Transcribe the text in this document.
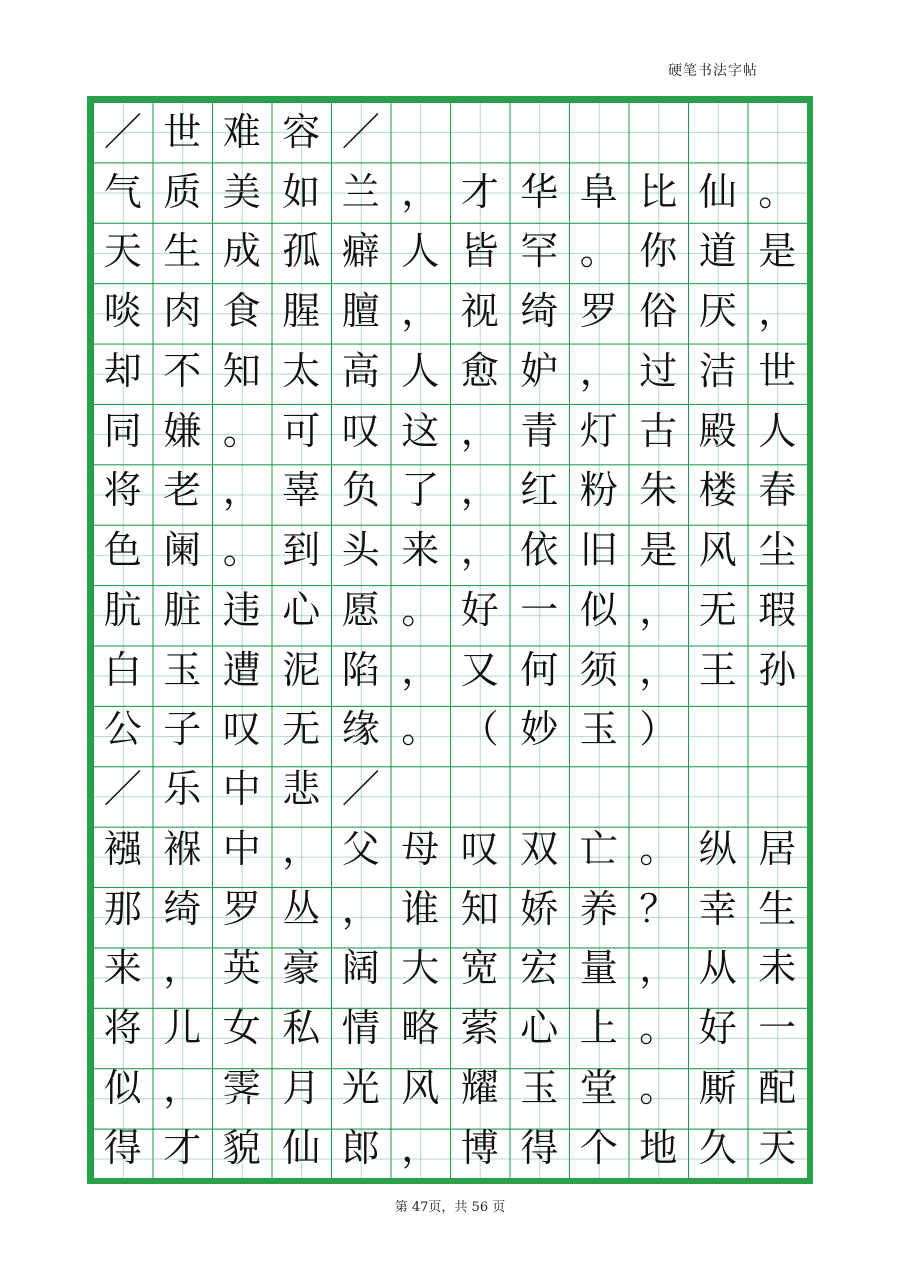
硬笔书法字帖
／ 世 难 容 ／
气 质 美 如 兰 ， 才 华 阜 比 仙 。
天 生 成 孤 癖 人 皆 罕 。 你 道 是
啖 肉 食 腥 膻 ， 视 绮 罗 俗 厌 ，
却 不 知 太 高 人 愈 妒 ， 过 洁 世
同 嫌 。 可 叹 这 ， 青 灯 古 殿 人
将 老 ， 辜 负 了 ， 红 粉 朱 楼 春
色 阑 。 到 头 来 ， 依 旧 是 风 尘
肮 脏 违 心 愿 。 好 一 似 ， 无 瑕
白 玉 遭 泥 陷 ， 又 何 须 ， 王 孙
公 子 叹 无 缘 。 （ 妙 玉 ）
／ 乐 中 悲 ／
襁 褓 中 ， 父 母 叹 双 亡 。 纵 居
那 绮 罗 丛 ， 谁 知 娇 养 ？ 幸 生
来 ， 英 豪 阔 大 宽 宏 量 ， 从 未
将 儿 女 私 情 略 萦 心 上 。 好 一
似 ， 霁 月 光 风 耀 玉 堂 。 厮 配
得 才 貌 仙 郎 ， 博 得 个 地 久 天
第 47页，共 56 页
